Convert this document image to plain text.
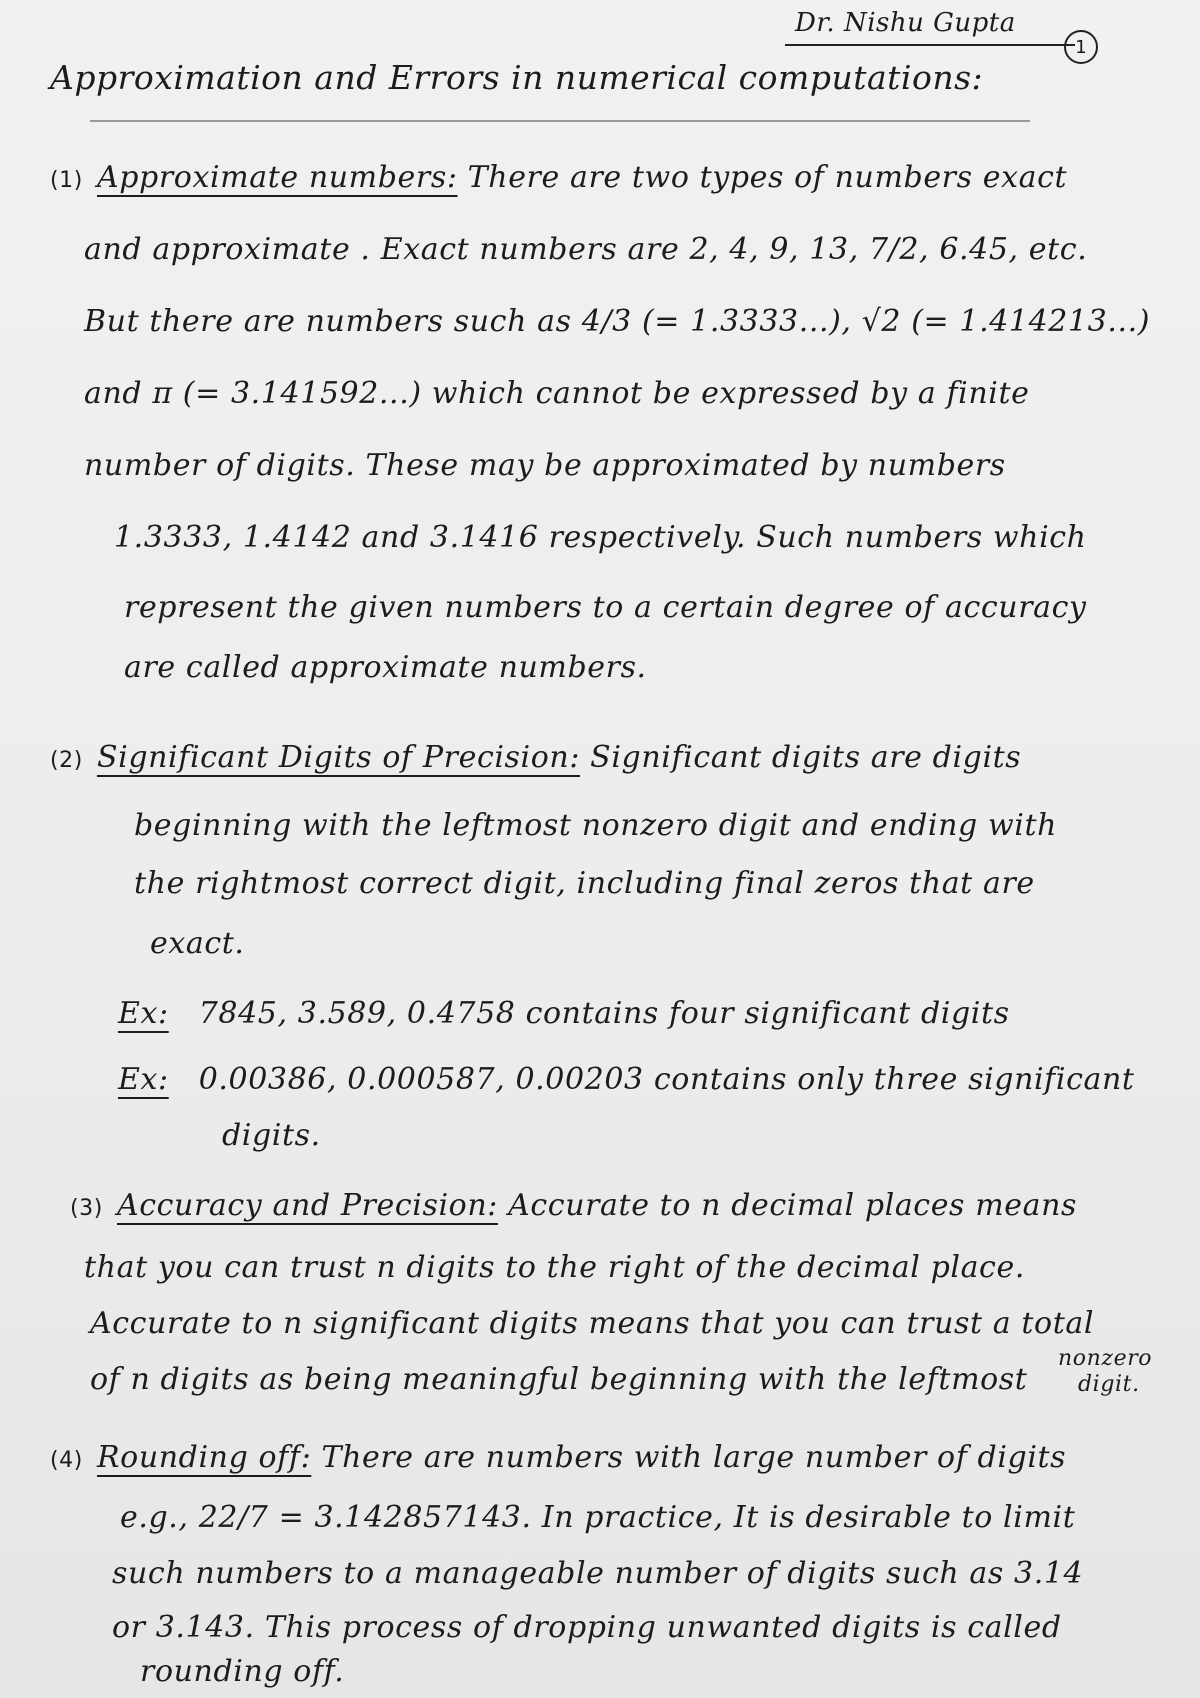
Dr. Nishu Gupta
1
Approximation and Errors in numerical computations:
(1) Approximate numbers: There are two types of numbers exact
and approximate . Exact numbers are 2, 4, 9, 13, 7/2, 6.45, etc.
But there are numbers such as 4/3 (= 1.3333...), √2 (= 1.414213...)
and π (= 3.141592...) which cannot be expressed by a finite
number of digits. These may be approximated by numbers
1.3333, 1.4142 and 3.1416 respectively. Such numbers which
represent the given numbers to a certain degree of accuracy
are called approximate numbers.
(2) Significant Digits of Precision: Significant digits are digits
beginning with the leftmost nonzero digit and ending with
the rightmost correct digit, including final zeros that are
exact.
Ex: 7845, 3.589, 0.4758 contains four significant digits
Ex: 0.00386, 0.000587, 0.00203 contains only three significant
digits.
(3) Accuracy and Precision: Accurate to n decimal places means
that you can trust n digits to the right of the decimal place.
Accurate to n significant digits means that you can trust a total
of n digits as being meaningful beginning with the leftmost
nonzero
digit.
(4) Rounding off: There are numbers with large number of digits
e.g., 22/7 = 3.142857143. In practice, It is desirable to limit
such numbers to a manageable number of digits such as 3.14
or 3.143. This process of dropping unwanted digits is called
rounding off.
